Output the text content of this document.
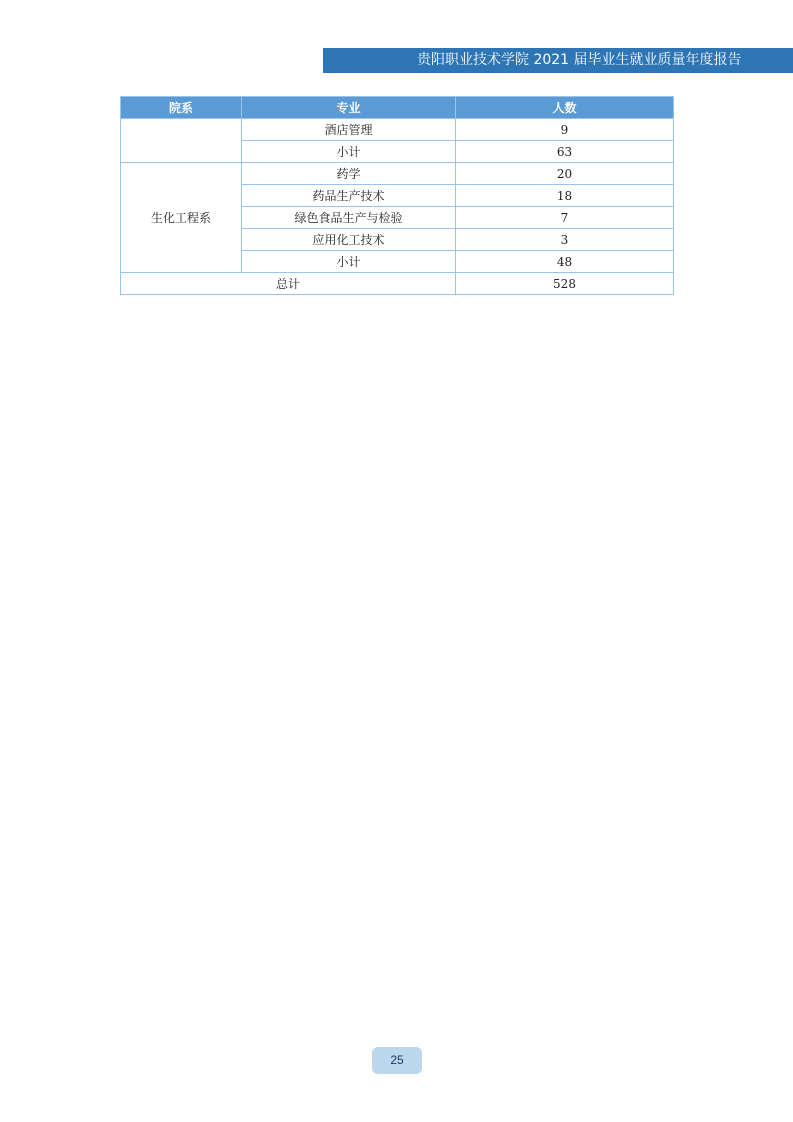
贵阳职业技术学院 2021 届毕业生就业质量年度报告
院系	专业	人数
	酒店管理	9
	小计	63
生化工程系	药学	20
	药品生产技术	18
	绿色食品生产与检验	7
	应用化工技术	3
	小计	48
总计		528
25
